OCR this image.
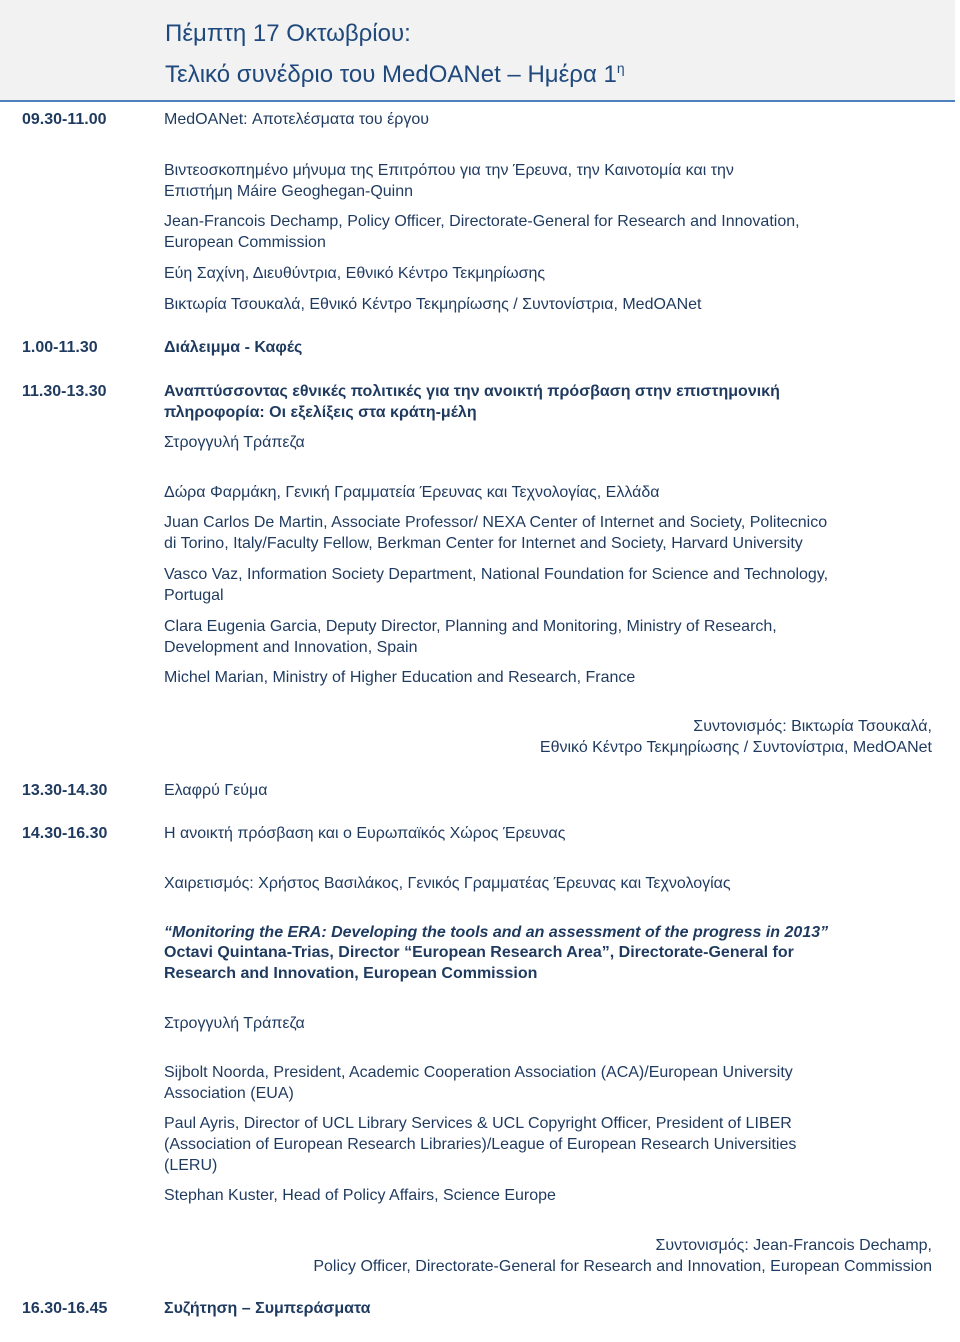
Πέμπτη 17 Οκτωβρίου:
Τελικό συνέδριο του MedOANet – Ημέρα $1^\eta$
09.30-11.00	MedOANet: Αποτελέσματα του έργου
Βιντεοσκοπημένο μήνυμα της Επιτρόπου για την Έρευνα, την Καινοτομία και την
Επιστήμη Máire Geoghegan-Quinn
Jean-Francois Dechamp, Policy Officer, Directorate-General for Research and Innovation,
European Commission
Εύη Σαχίνη, Διευθύντρια, Εθνικό Κέντρο Τεκμηρίωσης
Βικτωρία Τσουκαλά, Εθνικό Κέντρο Τεκμηρίωσης / Συντονίστρια, MedOANet
1.00-11.30	Διάλειμμα - Καφές
11.30-13.30	Αναπτύσσοντας εθνικές πολιτικές για την ανοικτή πρόσβαση στην επιστημονική
πληροφορία: Οι εξελίξεις στα κράτη-μέλη
Στρογγυλή Τράπεζα
Δώρα Φαρμάκη, Γενική Γραμματεία Έρευνας και Τεχνολογίας, Ελλάδα
Juan Carlos De Martin, Associate Professor/ NEXA Center of Internet and Society, Politecnico
di Torino, Italy/Faculty Fellow, Berkman Center for Internet and Society, Harvard University
Vasco Vaz, Information Society Department, National Foundation for Science and Technology,
Portugal
Clara Eugenia Garcia, Deputy Director, Planning and Monitoring, Ministry of Research,
Development and Innovation, Spain
Michel Marian, Ministry of Higher Education and Research, France
Συντονισμός: Βικτωρία Τσουκαλά,
Εθνικό Κέντρο Τεκμηρίωσης / Συντονίστρια, MedOANet
13.30-14.30	Ελαφρύ Γεύμα
14.30-16.30	Η ανοικτή πρόσβαση και ο Ευρωπαϊκός Χώρος Έρευνας
Χαιρετισμός: Χρήστος Βασιλάκος, Γενικός Γραμματέας Έρευνας και Τεχνολογίας
“Monitoring the ERA: Developing the tools and an assessment of the progress in 2013”
Octavi Quintana-Trias, Director “European Research Area”, Directorate-General for
Research and Innovation, European Commission
Στρογγυλή Τράπεζα
Sijbolt Noorda, President, Academic Cooperation Association (ACA)/European University
Association (EUA)
Paul Ayris, Director of UCL Library Services & UCL Copyright Officer, President of LIBER
(Association of European Research Libraries)/League of European Research Universities
(LERU)
Stephan Kuster, Head of Policy Affairs, Science Europe
Συντονισμός: Jean-Francois Dechamp,
Policy Officer, Directorate-General for Research and Innovation, European Commission
16.30-16.45	Συζήτηση – Συμπεράσματα
